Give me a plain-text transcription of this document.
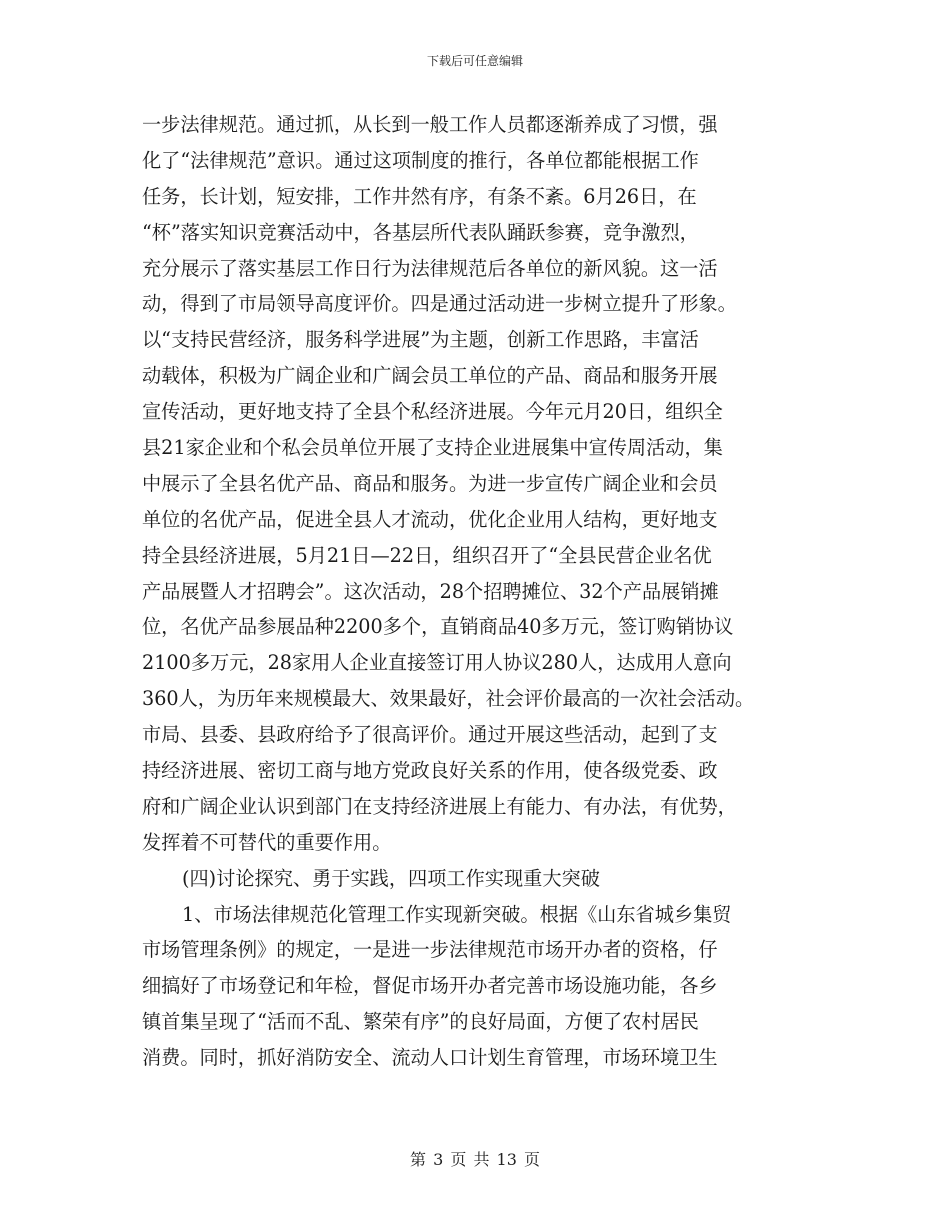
下载后可任意编辑
一步法律规范。通过抓，从长到一般工作人员都逐渐养成了习惯，强
化了“法律规范”意识。通过这项制度的推行，各单位都能根据工作
任务，长计划，短安排，工作井然有序，有条不紊。6月26日，在
“杯”落实知识竞赛活动中，各基层所代表队踊跃参赛，竞争激烈，
充分展示了落实基层工作日行为法律规范后各单位的新风貌。这一活
动，得到了市局领导高度评价。四是通过活动进一步树立提升了形象。
以“支持民营经济，服务科学进展”为主题，创新工作思路，丰富活
动载体，积极为广阔企业和广阔会员工单位的产品、商品和服务开展
宣传活动，更好地支持了全县个私经济进展。今年元月20日，组织全
县21家企业和个私会员单位开展了支持企业进展集中宣传周活动，集
中展示了全县名优产品、商品和服务。为进一步宣传广阔企业和会员
单位的名优产品，促进全县人才流动，优化企业用人结构，更好地支
持全县经济进展，5月21日—22日，组织召开了“全县民营企业名优
产品展暨人才招聘会”。这次活动，28个招聘摊位、32个产品展销摊
位，名优产品参展品种2200多个，直销商品40多万元，签订购销协议
2100多万元，28家用人企业直接签订用人协议280人，达成用人意向
360人，为历年来规模最大、效果最好，社会评价最高的一次社会活动。
市局、县委、县政府给予了很高评价。通过开展这些活动，起到了支
持经济进展、密切工商与地方党政良好关系的作用，使各级党委、政
府和广阔企业认识到部门在支持经济进展上有能力、有办法，有优势，
发挥着不可替代的重要作用。
(四)讨论探究、勇于实践，四项工作实现重大突破
1、市场法律规范化管理工作实现新突破。根据《山东省城乡集贸
市场管理条例》的规定，一是进一步法律规范市场开办者的资格，仔
细搞好了市场登记和年检，督促市场开办者完善市场设施功能，各乡
镇首集呈现了“活而不乱、繁荣有序”的良好局面，方便了农村居民
消费。同时，抓好消防安全、流动人口计划生育管理，市场环境卫生
第 3 页 共 13 页
